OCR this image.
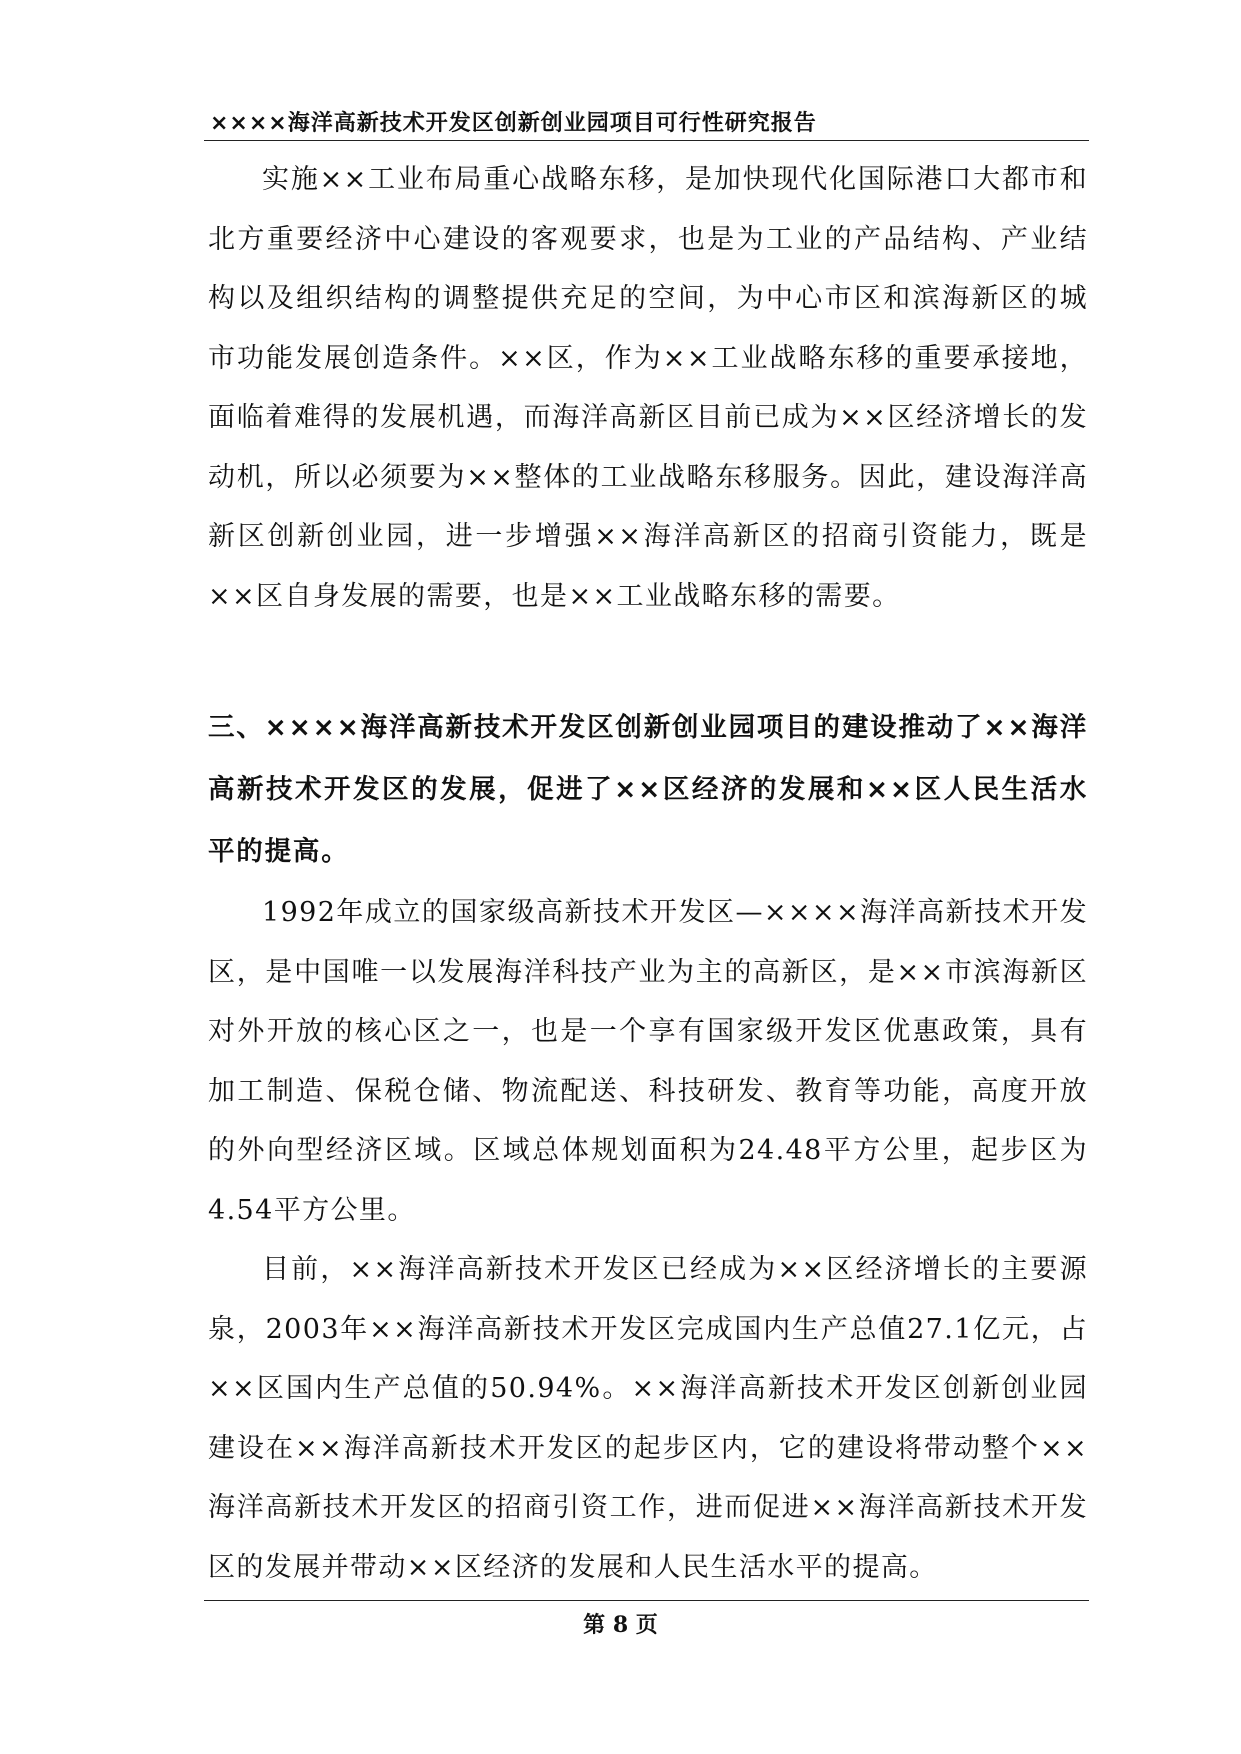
××××海洋高新技术开发区创新创业园项目可行性研究报告

实施××工业布局重心战略东移，是加快现代化国际港口大都市和北方重要经济中心建设的客观要求，也是为工业的产品结构、产业结构以及组织结构的调整提供充足的空间，为中心市区和滨海新区的城市功能发展创造条件。××区，作为××工业战略东移的重要承接地，面临着难得的发展机遇，而海洋高新区目前已成为××区经济增长的发动机，所以必须要为××整体的工业战略东移服务。因此，建设海洋高新区创新创业园，进一步增强××海洋高新区的招商引资能力，既是××区自身发展的需要，也是××工业战略东移的需要。

三、××××海洋高新技术开发区创新创业园项目的建设推动了××海洋高新技术开发区的发展，促进了××区经济的发展和××区人民生活水平的提高。

1992年成立的国家级高新技术开发区—××××海洋高新技术开发区，是中国唯一以发展海洋科技产业为主的高新区，是××市滨海新区对外开放的核心区之一，也是一个享有国家级开发区优惠政策，具有加工制造、保税仓储、物流配送、科技研发、教育等功能，高度开放的外向型经济区域。区域总体规划面积为24.48平方公里，起步区为4.54平方公里。

目前，××海洋高新技术开发区已经成为××区经济增长的主要源泉，2003年××海洋高新技术开发区完成国内生产总值27.1亿元，占××区国内生产总值的50.94%。××海洋高新技术开发区创新创业园建设在××海洋高新技术开发区的起步区内，它的建设将带动整个××海洋高新技术开发区的招商引资工作，进而促进××海洋高新技术开发区的发展并带动××区经济的发展和人民生活水平的提高。

第 8 页
